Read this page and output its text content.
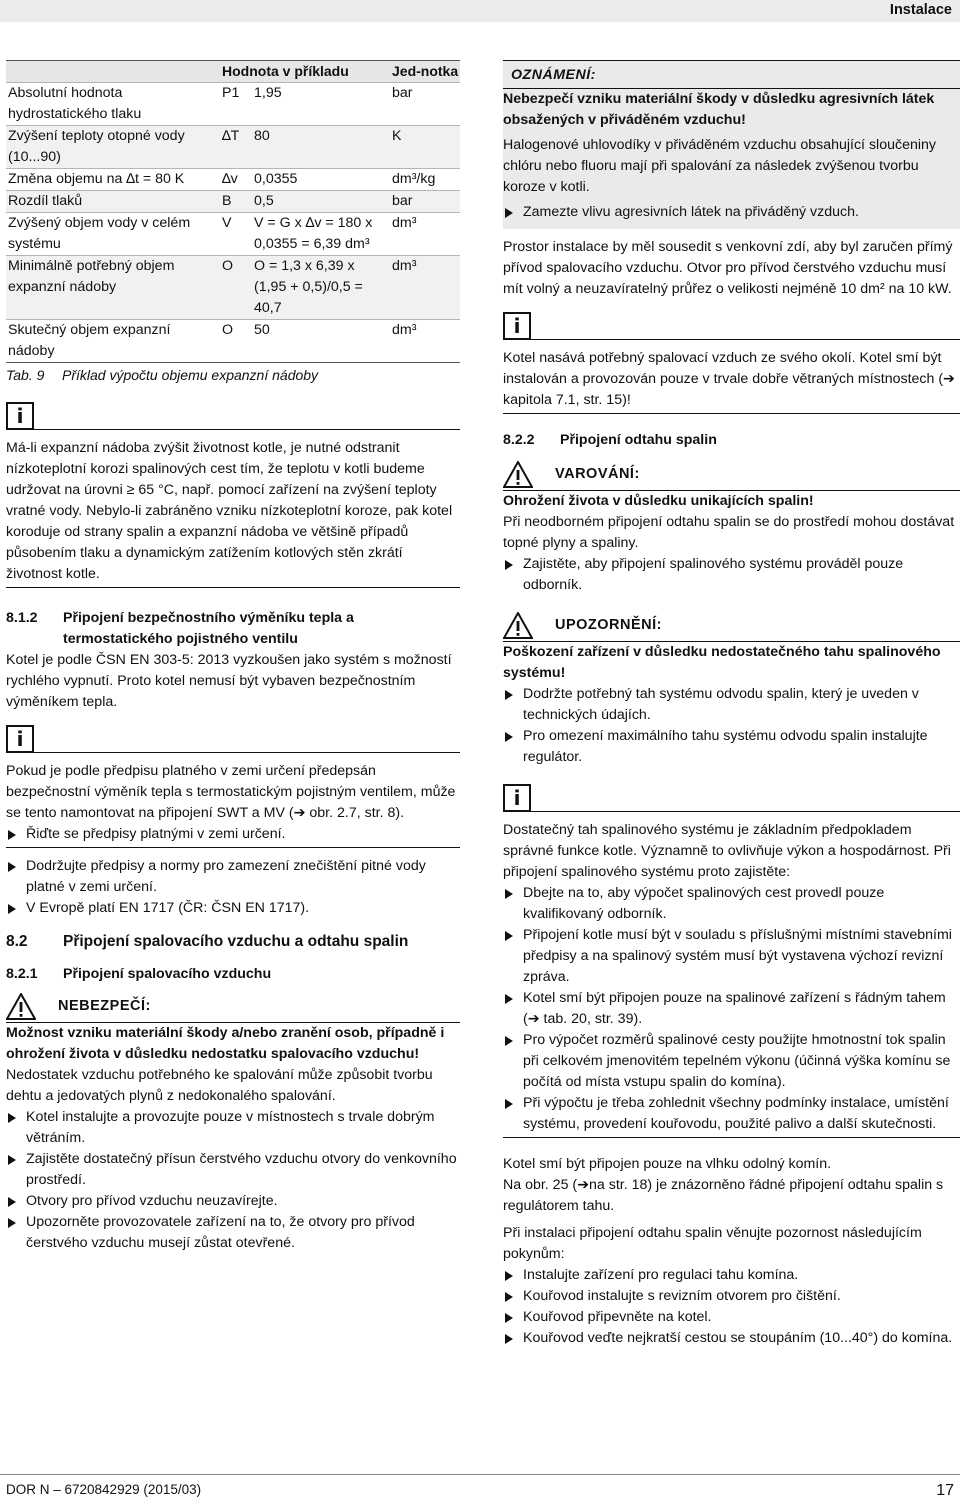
Instalace
DOR N – 6720842929 (2015/03)	17
	Hodnota v příkladu		Jed-notka
Absolutní hodnota hydrostatického tlaku	P1	1,95	bar
Zvýšení teploty otopné vody (10...90)	∆T	80	K
Změna objemu na ∆t = 80 K	∆v	0,0355	dm³/kg
Rozdíl tlaků	B	0,5	bar
Zvýšený objem vody v celém systému	V	V = G x ∆v = 180 x 0,0355 = 6,39 dm³	dm³
Minimálně potřebný objem expanzní nádoby	O	O = 1,3 x 6,39 x (1,95 + 0,5)/0,5 = 40,7	dm³
Skutečný objem expanzní nádoby	O	50	dm³
Tab. 9 Příklad výpočtu objemu expanzní nádoby
i

Má-li expanzní nádoba zvýšit životnost kotle, je nutné odstranit nízkoteplotní korozi spalinových cest tím, že teplotu v kotli budeme udržovat na úrovni ≥ 65 °C, např. pomocí zařízení na zvýšení teploty vratné vody. Nebylo-li zabráněno vzniku nízkoteplotní koroze, pak kotel koroduje od strany spalin a expanzní nádoba ve většině případů působením tlaku a dynamickým zatížením kotlových stěn zkrátí životnost kotle.

8.1.2	Připojení bezpečnostního výměníku tepla a termostatického pojistného ventilu

Kotel je podle ČSN EN 303-5: 2013 vyzkoušen jako systém s možností rychlého vypnutí. Proto kotel nemusí být vybaven bezpečnostním výměníkem tepla.

i

Pokud je podle předpisu platného v zemi určení předepsán bezpečnostní výměník tepla s termostatickým pojistným ventilem, může se tento namontovat na připojení SWT a MV (➔ obr. 2.7, str. 8).

Řiďte se předpisy platnými v zemi určení.
Dodržujte předpisy a normy pro zamezení znečištění pitné vody platné v zemi určení.
V Evropě platí EN 1717 (ČR: ČSN EN 1717).
8.2	Připojení spalovacího vzduchu a odtahu spalin
8.2.1	Připojení spalovacího vzduchu
NEBEZPEČÍ:

Možnost vzniku materiální škody a/nebo zranění osob, případně i ohrožení života v důsledku nedostatku spalovacího vzduchu!

Nedostatek vzduchu potřebného ke spalování může způsobit tvorbu dehtu a jedovatých plynů z nedokonalého spalování.

Kotel instalujte a provozujte pouze v místnostech s trvale dobrým větráním.
Zajistěte dostatečný přísun čerstvého vzduchu otvory do venkovního prostředí.
Otvory pro přívod vzduchu neuzavírejte.
Upozorněte provozovatele zařízení na to, že otvory pro přívod čerstvého vzduchu musejí zůstat otevřené.
OZNÁMENÍ:

Nebezpečí vzniku materiální škody v důsledku agresivních látek obsažených v přiváděném vzduchu!

Halogenové uhlovodíky v přiváděném vzduchu obsahující sloučeniny chlóru nebo fluoru mají při spalování za následek zvýšenou tvorbu koroze v kotli.

Zamezte vlivu agresivních látek na přiváděný vzduch.

Prostor instalace by měl sousedit s venkovní zdí, aby byl zaručen přímý přívod spalovacího vzduchu. Otvor pro přívod čerstvého vzduchu musí mít volný a neuzavíratelný průřez o velikosti nejméně 10 dm² na 10 kW.

i

Kotel nasává potřebný spalovací vzduch ze svého okolí. Kotel smí být instalován a provozován pouze v trvale dobře větraných místnostech (➔ kapitola 7.1, str. 15)!

8.2.2	Připojení odtahu spalin
VAROVÁNÍ:

Ohrožení života v důsledku unikajících spalin!

Při neodborném připojení odtahu spalin se do prostředí mohou dostávat topné plyny a spaliny.

Zajistěte, aby připojení spalinového systému prováděl pouze odborník.
UPOZORNĚNÍ:

Poškození zařízení v důsledku nedostatečného tahu spalinového systému!

Dodržte potřebný tah systému odvodu spalin, který je uveden v technických údajích.
Pro omezení maximálního tahu systému odvodu spalin instalujte regulátor.
i

Dostatečný tah spalinového systému je základním předpokladem správné funkce kotle. Významně to ovlivňuje výkon a hospodárnost. Při připojení spalinového systému proto zajistěte:

Dbejte na to, aby výpočet spalinových cest provedl pouze kvalifikovaný odborník.
Připojení kotle musí být v souladu s příslušnými místními stavebními předpisy a na spalinový systém musí být vystavena výchozí revizní zpráva.
Kotel smí být připojen pouze na spalinové zařízení s řádným tahem (➔ tab. 20, str. 39).
Pro výpočet rozměrů spalinové cesty použijte hmotnostní tok spalin při celkovém jmenovitém tepelném výkonu (účinná výška komínu se počítá od místa vstupu spalin do komína).
Při výpočtu je třeba zohlednit všechny podmínky instalace, umístění systému, provedení kouřovodu, použité palivo a další skutečnosti.

Kotel smí být připojen pouze na vlhku odolný komín.

Na obr. 25 (➔na str. 18) je znázorněno řádné připojení odtahu spalin s regulátorem tahu.

Při instalaci připojení odtahu spalin věnujte pozornost následujícím pokynům:

Instalujte zařízení pro regulaci tahu komína.
Kouřovod instalujte s revizním otvorem pro čištění.
Kouřovod připevněte na kotel.
Kouřovod veďte nejkratší cestou se stoupáním (10...40°) do komína.
